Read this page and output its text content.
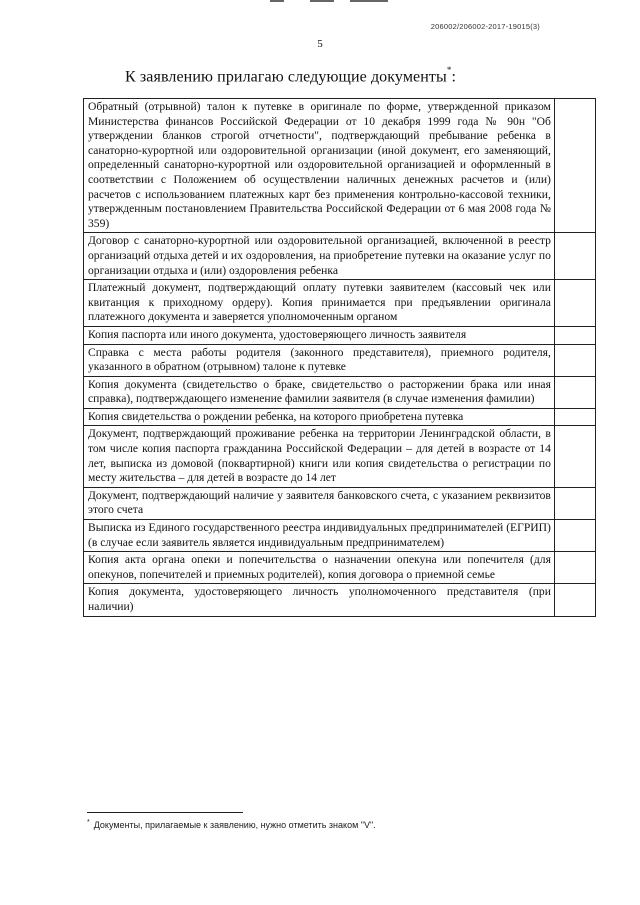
206002/206002-2017-19015(3)
5
К заявлению прилагаю следующие документы*:
Обратный (отрывной) талон к путевке в оригинале по форме, утвержденной приказом Министерства финансов Российской Федерации от 10 декабря 1999 года № 90н "Об утверждении бланков строгой отчетности", подтверждающий пребывание ребенка в санаторно-курортной или оздоровительной организации (иной документ, его заменяющий, определенный санаторно-курортной или оздоровительной организацией и оформленный в соответствии с Положением об осуществлении наличных денежных расчетов и (или) расчетов с использованием платежных карт без применения контрольно-кассовой техники, утвержденным постановлением Правительства Российской Федерации от 6 мая 2008 года № 359)	
Договор с санаторно-курортной или оздоровительной организацией, включенной в реестр организаций отдыха детей и их оздоровления, на приобретение путевки на оказание услуг по организации отдыха и (или) оздоровления ребенка	
Платежный документ, подтверждающий оплату путевки заявителем (кассовый чек или квитанция к приходному ордеру). Копия принимается при предъявлении оригинала платежного документа и заверяется уполномоченным органом	
Копия паспорта или иного документа, удостоверяющего личность заявителя	
Справка с места работы родителя (законного представителя), приемного родителя, указанного в обратном (отрывном) талоне к путевке	
Копия документа (свидетельство о браке, свидетельство о расторжении брака или иная справка), подтверждающего изменение фамилии заявителя (в случае изменения фамилии)	
Копия свидетельства о рождении ребенка, на которого приобретена путевка	
Документ, подтверждающий проживание ребенка на территории Ленинградской области, в том числе копия паспорта гражданина Российской Федерации – для детей в возрасте от 14 лет, выписка из домовой (поквартирной) книги или копия свидетельства о регистрации по месту жительства – для детей в возрасте до 14 лет	
Документ, подтверждающий наличие у заявителя банковского счета, с указанием реквизитов этого счета	
Выписка из Единого государственного реестра индивидуальных предпринимателей (ЕГРИП) (в случае если заявитель является индивидуальным предпринимателем)	
Копия акта органа опеки и попечительства о назначении опекуна или попечителя (для опекунов, попечителей и приемных родителей), копия договора о приемной семье	
Копия документа, удостоверяющего личность уполномоченного представителя (при наличии)	
* Документы, прилагаемые к заявлению, нужно отметить знаком "V".
